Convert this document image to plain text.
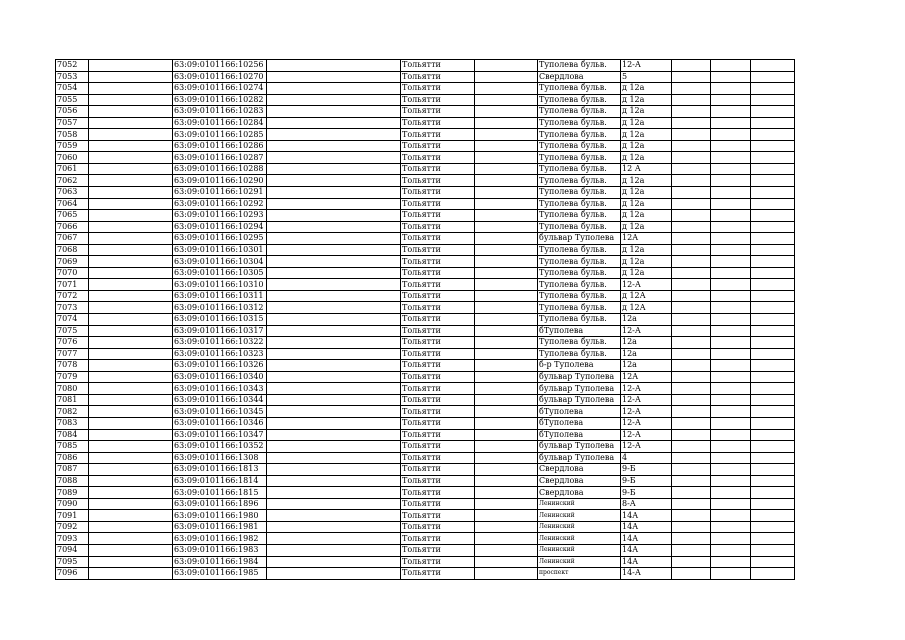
7052		63:09:0101166:10256		Тольятти		Туполева бульв.	12-А			
7053		63:09:0101166:10270		Тольятти		Свердлова	5			
7054		63:09:0101166:10274		Тольятти		Туполева бульв.	д 12а			
7055		63:09:0101166:10282		Тольятти		Туполева бульв.	д 12а			
7056		63:09:0101166:10283		Тольятти		Туполева бульв.	д 12а			
7057		63:09:0101166:10284		Тольятти		Туполева бульв.	д 12а			
7058		63:09:0101166:10285		Тольятти		Туполева бульв.	д 12а			
7059		63:09:0101166:10286		Тольятти		Туполева бульв.	д 12а			
7060		63:09:0101166:10287		Тольятти		Туполева бульв.	д 12а			
7061		63:09:0101166:10288		Тольятти		Туполева бульв.	12 А			
7062		63:09:0101166:10290		Тольятти		Туполева бульв.	д 12а			
7063		63:09:0101166:10291		Тольятти		Туполева бульв.	д 12а			
7064		63:09:0101166:10292		Тольятти		Туполева бульв.	д 12а			
7065		63:09:0101166:10293		Тольятти		Туполева бульв.	д 12а			
7066		63:09:0101166:10294		Тольятти		Туполева бульв.	д 12а			
7067		63:09:0101166:10295		Тольятти		бульвар Туполева	12А			
7068		63:09:0101166:10301		Тольятти		Туполева бульв.	д 12а			
7069		63:09:0101166:10304		Тольятти		Туполева бульв.	д 12а			
7070		63:09:0101166:10305		Тольятти		Туполева бульв.	д 12а			
7071		63:09:0101166:10310		Тольятти		Туполева бульв.	12-А			
7072		63:09:0101166:10311		Тольятти		Туполева бульв.	д 12А			
7073		63:09:0101166:10312		Тольятти		Туполева бульв.	д 12А			
7074		63:09:0101166:10315		Тольятти		Туполева бульв.	12а			
7075		63:09:0101166:10317		Тольятти		бТуполева	12-А			
7076		63:09:0101166:10322		Тольятти		Туполева бульв.	12а			
7077		63:09:0101166:10323		Тольятти		Туполева бульв.	12а			
7078		63:09:0101166:10326		Тольятти		б-р Туполева	12а			
7079		63:09:0101166:10340		Тольятти		бульвар Туполева	12А			
7080		63:09:0101166:10343		Тольятти		бульвар Туполева	12-А			
7081		63:09:0101166:10344		Тольятти		бульвар Туполева	12-А			
7082		63:09:0101166:10345		Тольятти		бТуполева	12-А			
7083		63:09:0101166:10346		Тольятти		бТуполева	12-А			
7084		63:09:0101166:10347		Тольятти		бТуполева	12-А			
7085		63:09:0101166:10352		Тольятти		бульвар Туполева	12-А			
7086		63:09:0101166:1308		Тольятти		бульвар Туполева	4			
7087		63:09:0101166:1813		Тольятти		Свердлова	9-Б			
7088		63:09:0101166:1814		Тольятти		Свердлова	9-Б			
7089		63:09:0101166:1815		Тольятти		Свердлова	9-Б			
7090		63:09:0101166:1896		Тольятти		Ленинский	8-А			
7091		63:09:0101166:1980		Тольятти		Ленинский	14А			
7092		63:09:0101166:1981		Тольятти		Ленинский	14А			
7093		63:09:0101166:1982		Тольятти		Ленинский	14А			
7094		63:09:0101166:1983		Тольятти		Ленинский	14А			
7095		63:09:0101166:1984		Тольятти		Ленинский	14А			
7096		63:09:0101166:1985		Тольятти		проспект	14-А			
